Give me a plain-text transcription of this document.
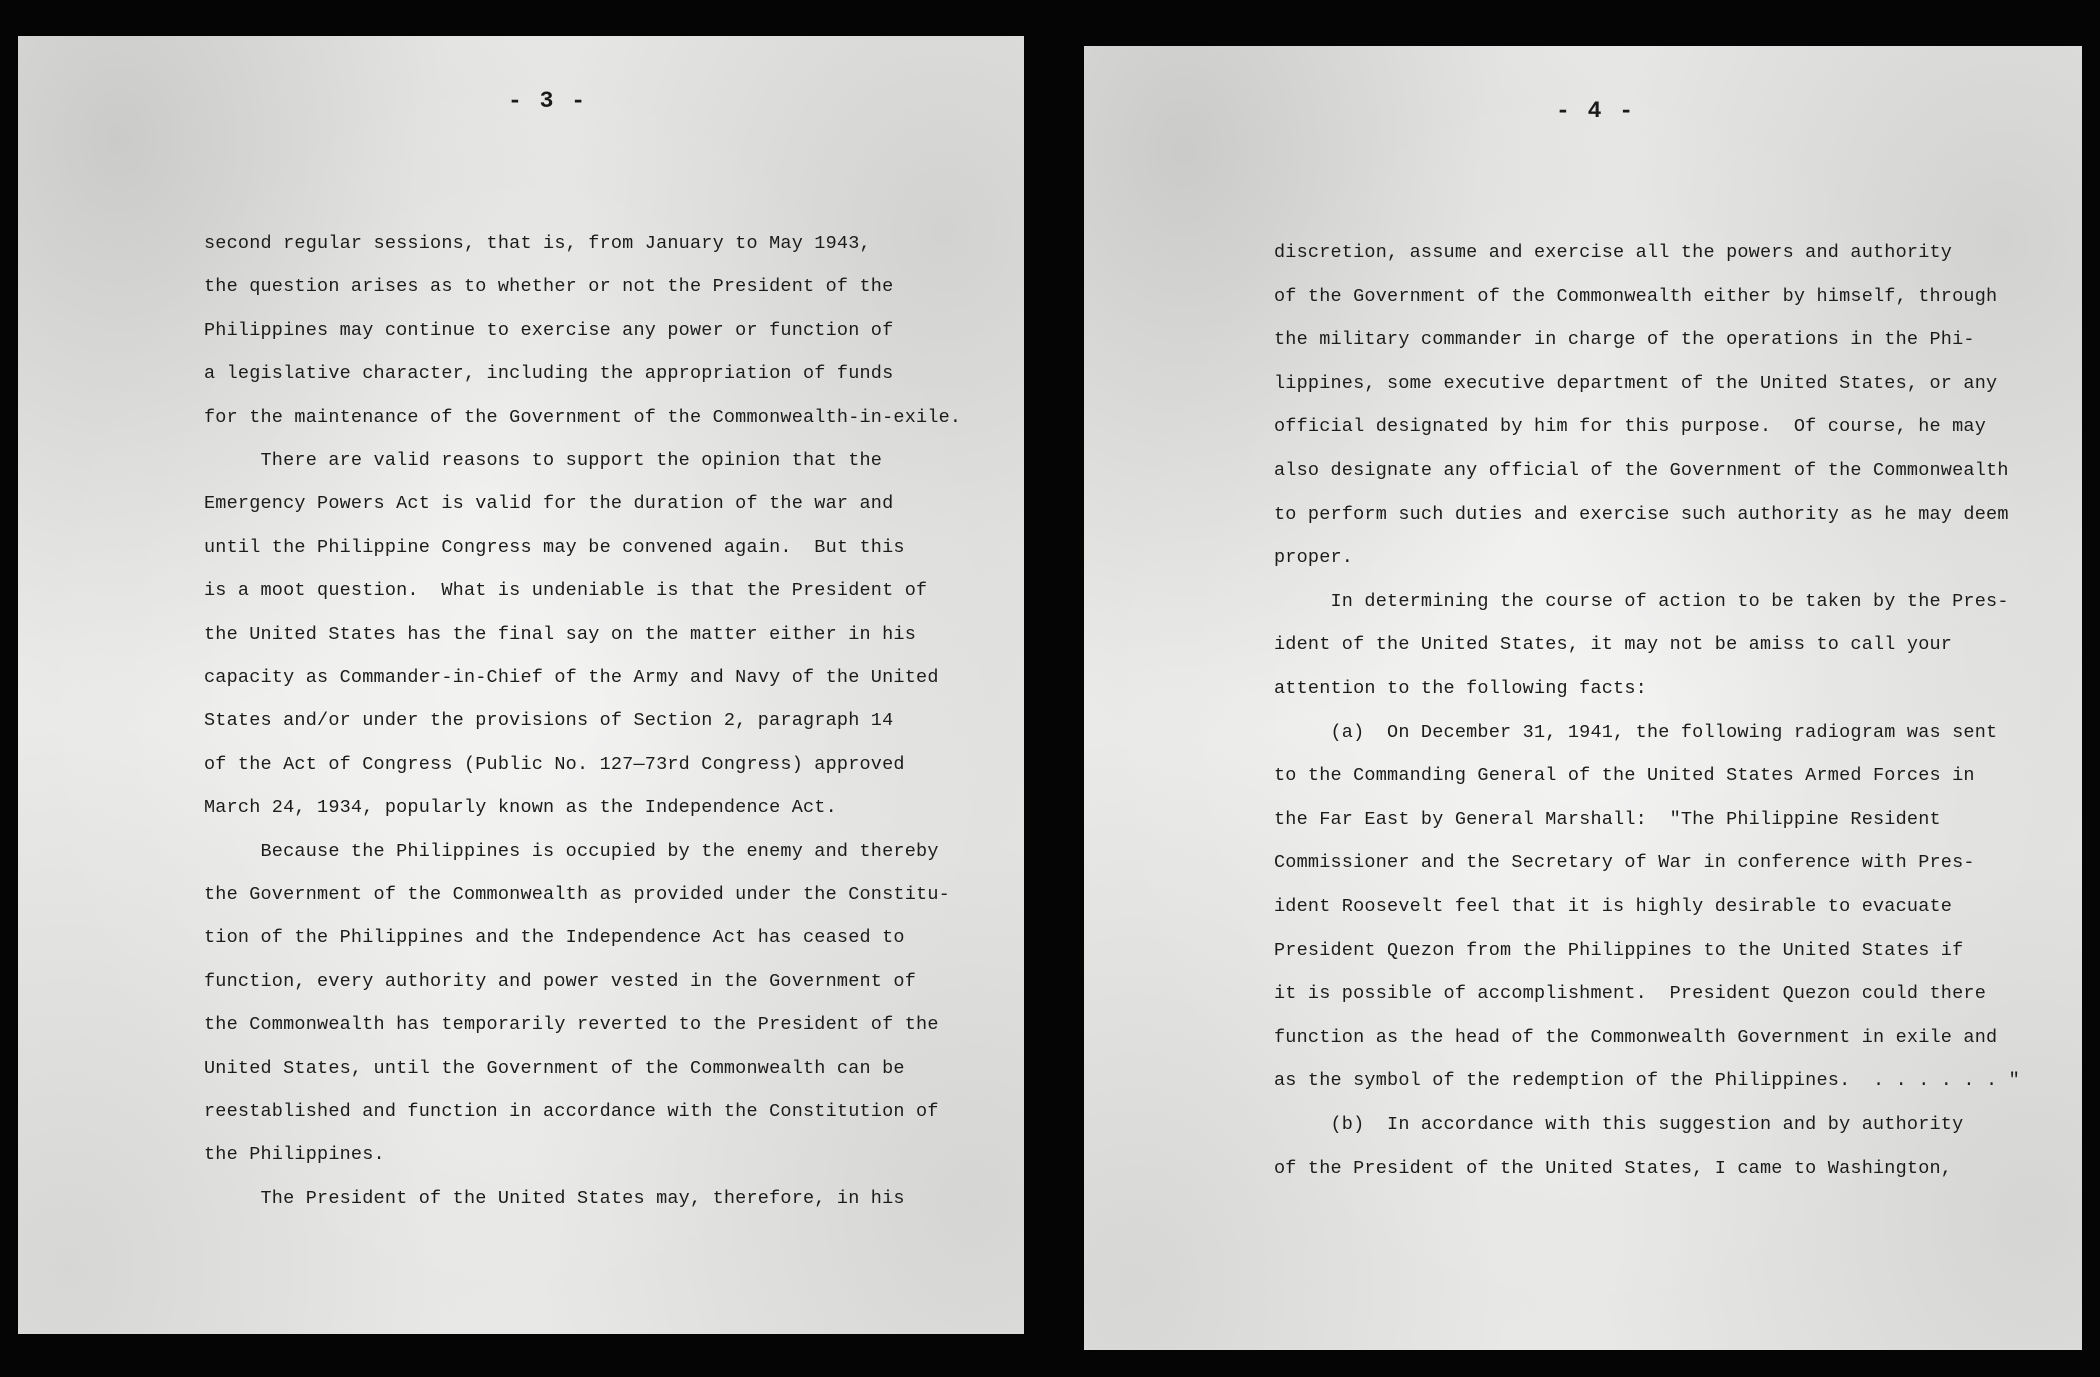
- 3 -
second regular sessions, that is, from January to May 1943,
the question arises as to whether or not the President of the
Philippines may continue to exercise any power or function of
a legislative character, including the appropriation of funds
for the maintenance of the Government of the Commonwealth-in-exile.
There are valid reasons to support the opinion that the
Emergency Powers Act is valid for the duration of the war and
until the Philippine Congress may be convened again.  But this
is a moot question.  What is undeniable is that the President of
the United States has the final say on the matter either in his
capacity as Commander-in-Chief of the Army and Navy of the United
States and/or under the provisions of Section 2, paragraph 14
of the Act of Congress (Public No. 127—73rd Congress) approved
March 24, 1934, popularly known as the Independence Act.
Because the Philippines is occupied by the enemy and thereby
the Government of the Commonwealth as provided under the Constitu-
tion of the Philippines and the Independence Act has ceased to
function, every authority and power vested in the Government of
the Commonwealth has temporarily reverted to the President of the
United States, until the Government of the Commonwealth can be
reestablished and function in accordance with the Constitution of
the Philippines.
The President of the United States may, therefore, in his
- 4 -
discretion, assume and exercise all the powers and authority
of the Government of the Commonwealth either by himself, through
the military commander in charge of the operations in the Phi-
lippines, some executive department of the United States, or any
official designated by him for this purpose.  Of course, he may
also designate any official of the Government of the Commonwealth
to perform such duties and exercise such authority as he may deem
proper.
In determining the course of action to be taken by the Pres-
ident of the United States, it may not be amiss to call your
attention to the following facts:
(a)  On December 31, 1941, the following radiogram was sent
to the Commanding General of the United States Armed Forces in
the Far East by General Marshall:  "The Philippine Resident
Commissioner and the Secretary of War in conference with Pres-
ident Roosevelt feel that it is highly desirable to evacuate
President Quezon from the Philippines to the United States if
it is possible of accomplishment.  President Quezon could there
function as the head of the Commonwealth Government in exile and
as the symbol of the redemption of the Philippines.  . . . . . . "
(b)  In accordance with this suggestion and by authority
of the President of the United States, I came to Washington,
